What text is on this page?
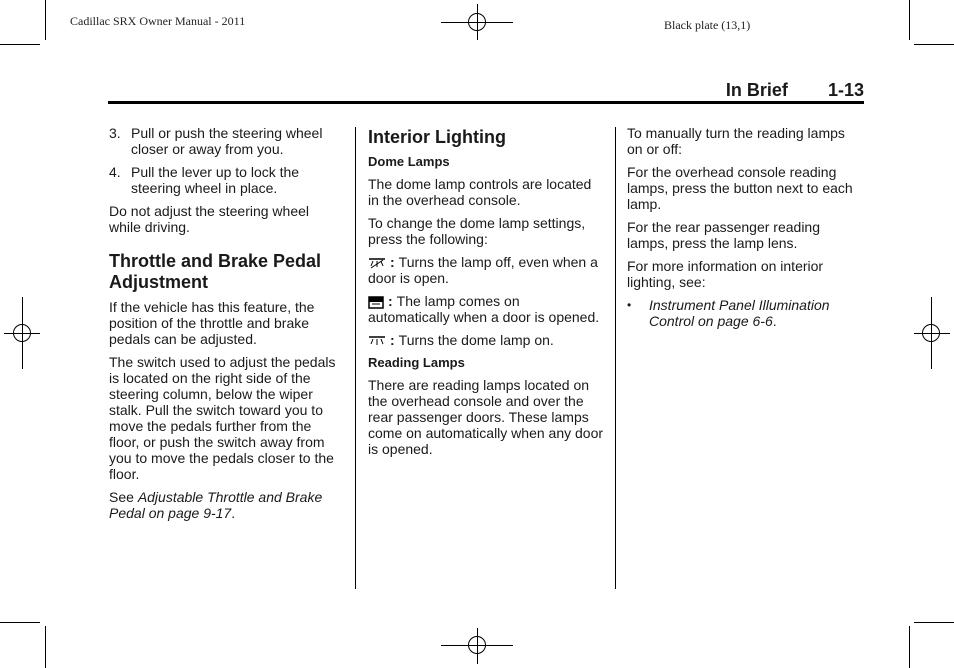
Cadillac SRX Owner Manual - 2011	Black plate (13,1)
In Brief 1-13
3. Pull or push the steering wheel closer or away from you.
4. Pull the lever up to lock the steering wheel in place.

Do not adjust the steering wheel while driving.

Throttle and Brake Pedal Adjustment

If the vehicle has this feature, the position of the throttle and brake pedals can be adjusted.

The switch used to adjust the pedals is located on the right side of the steering column, below the wiper stalk. Pull the switch toward you to move the pedals further from the floor, or push the switch away from you to move the pedals closer to the floor.

See Adjustable Throttle and Brake Pedal on page 9-17.

Interior Lighting
Dome Lamps

The dome lamp controls are located in the overhead console.

To change the dome lamp settings, press the following:

: Turns the lamp off, even when a door is open.

: The lamp comes on automatically when a door is opened.

: Turns the dome lamp on.

Reading Lamps

There are reading lamps located on the overhead console and over the rear passenger doors. These lamps come on automatically when any door is opened.

To manually turn the reading lamps on or off:

For the overhead console reading lamps, press the button next to each lamp.

For the rear passenger reading lamps, press the lamp lens.

For more information on interior lighting, see:

•	Instrument Panel Illumination Control on page 6-6.
